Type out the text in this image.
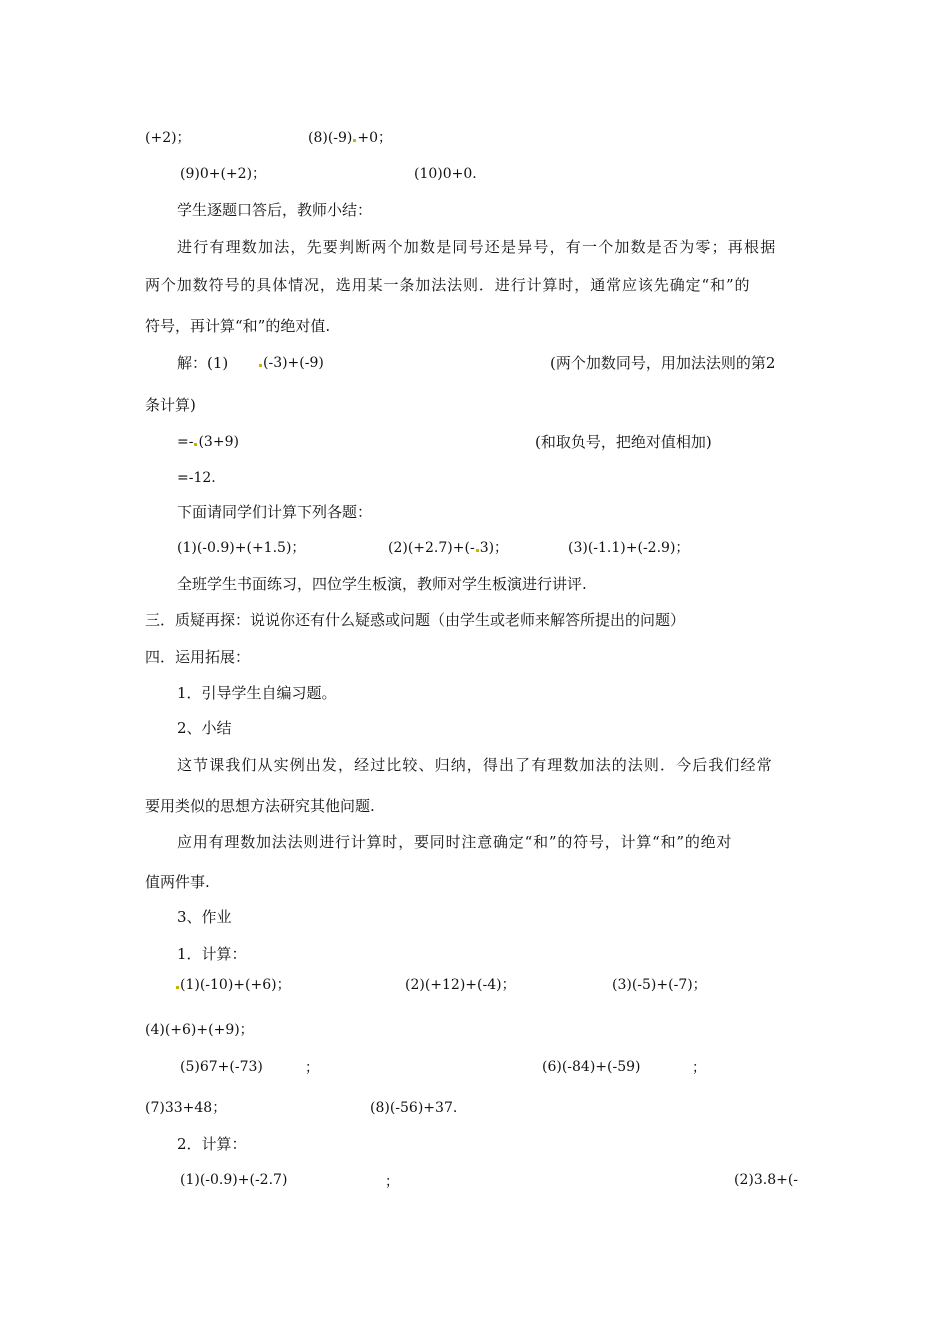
(+2)；	(8)(-9) +0；
(9)0+(+2)；	(10)0+0.
学生逐题口答后，教师小结：
进行有理数加法，先要判断两个加数是同号还是异号，有一个加数是否为零；再根据
两个加数符号的具体情况，选用某一条加法法则．进行计算时，通常应该先确定“和”的
符号，再计算“和”的绝对值.
解：(1)	(-3)+(-9)	(两个加数同号，用加法法则的第2
条计算)
=- (3+9)	(和取负号，把绝对值相加)
=-12.
下面请同学们计算下列各题：
(1)(-0.9)+(+1.5)；	(2)(+2.7)+(- 3)；	(3)(-1.1)+(-2.9)；
全班学生书面练习，四位学生板演，教师对学生板演进行讲评.
三．质疑再探：说说你还有什么疑惑或问题（由学生或老师来解答所提出的问题）
四．运用拓展：
1．引导学生自编习题。
2、小结
这节课我们从实例出发，经过比较、归纳，得出了有理数加法的法则．今后我们经常
要用类似的思想方法研究其他问题.
应用有理数加法法则进行计算时，要同时注意确定“和”的符号，计算“和”的绝对
值两件事.
3、作业
1．计算：
(1)(-10)+(+6)；	(2)(+12)+(-4)；	(3)(-5)+(-7)；
(4)(+6)+(+9)；
(5)67+(-73)	；	(6)(-84)+(-59)	；
(7)33+48；	(8)(-56)+37.
2．计算：
(1)(-0.9)+(-2.7)	；	(2)3.8+(-
